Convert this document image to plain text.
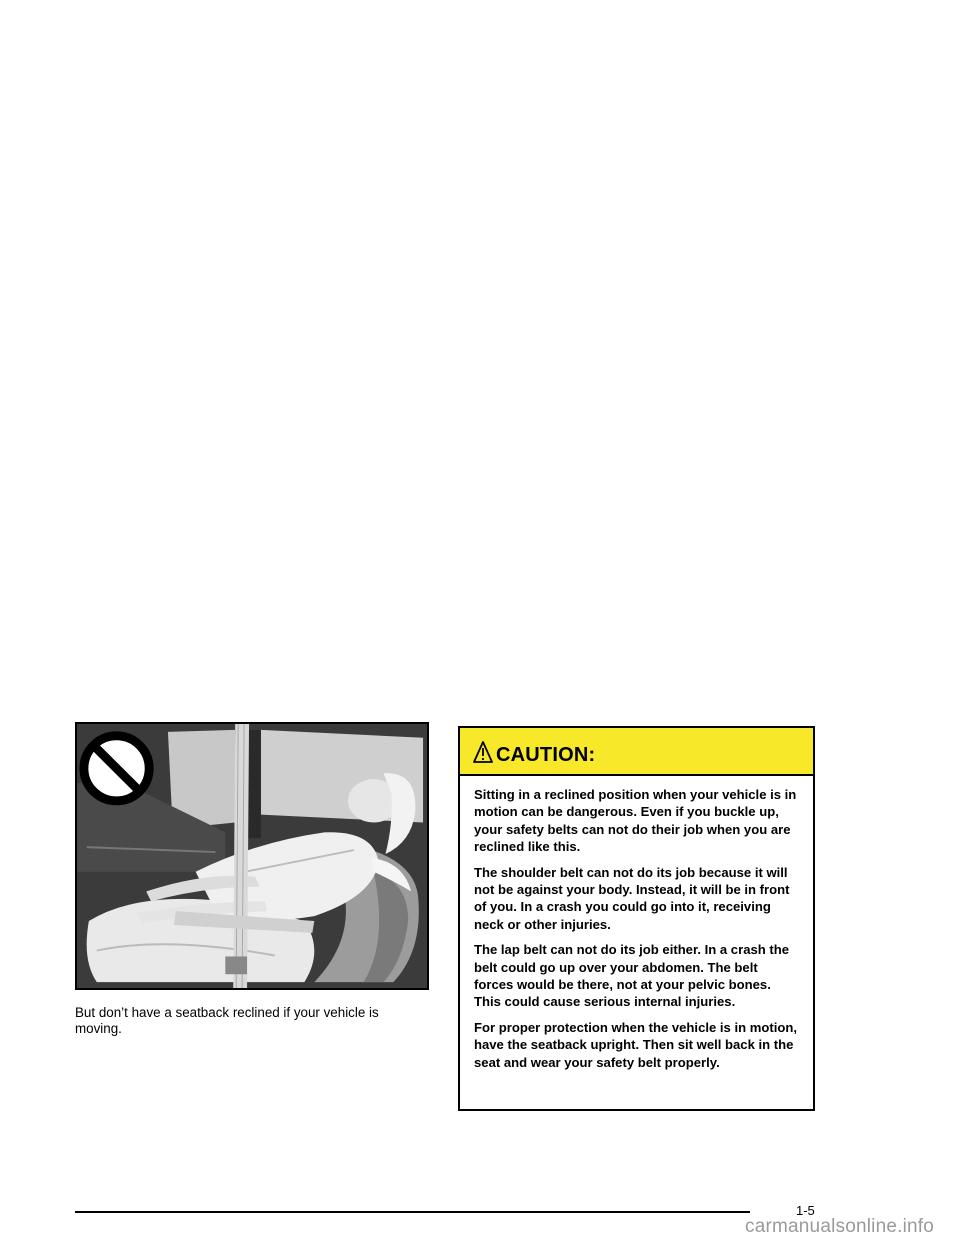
But don’t have a seatback reclined if your vehicle is moving.
CAUTION:

Sitting in a reclined position when your vehicle is in motion can be dangerous. Even if you buckle up, your safety belts can not do their job when you are reclined like this.

The shoulder belt can not do its job because it will not be against your body. Instead, it will be in front of you. In a crash you could go into it, receiving neck or other injuries.

The lap belt can not do its job either. In a crash the belt could go up over your abdomen. The belt forces would be there, not at your pelvic bones. This could cause serious internal injuries.

For proper protection when the vehicle is in motion, have the seatback upright. Then sit well back in the seat and wear your safety belt properly.

1-5
carmanualsonline.info
